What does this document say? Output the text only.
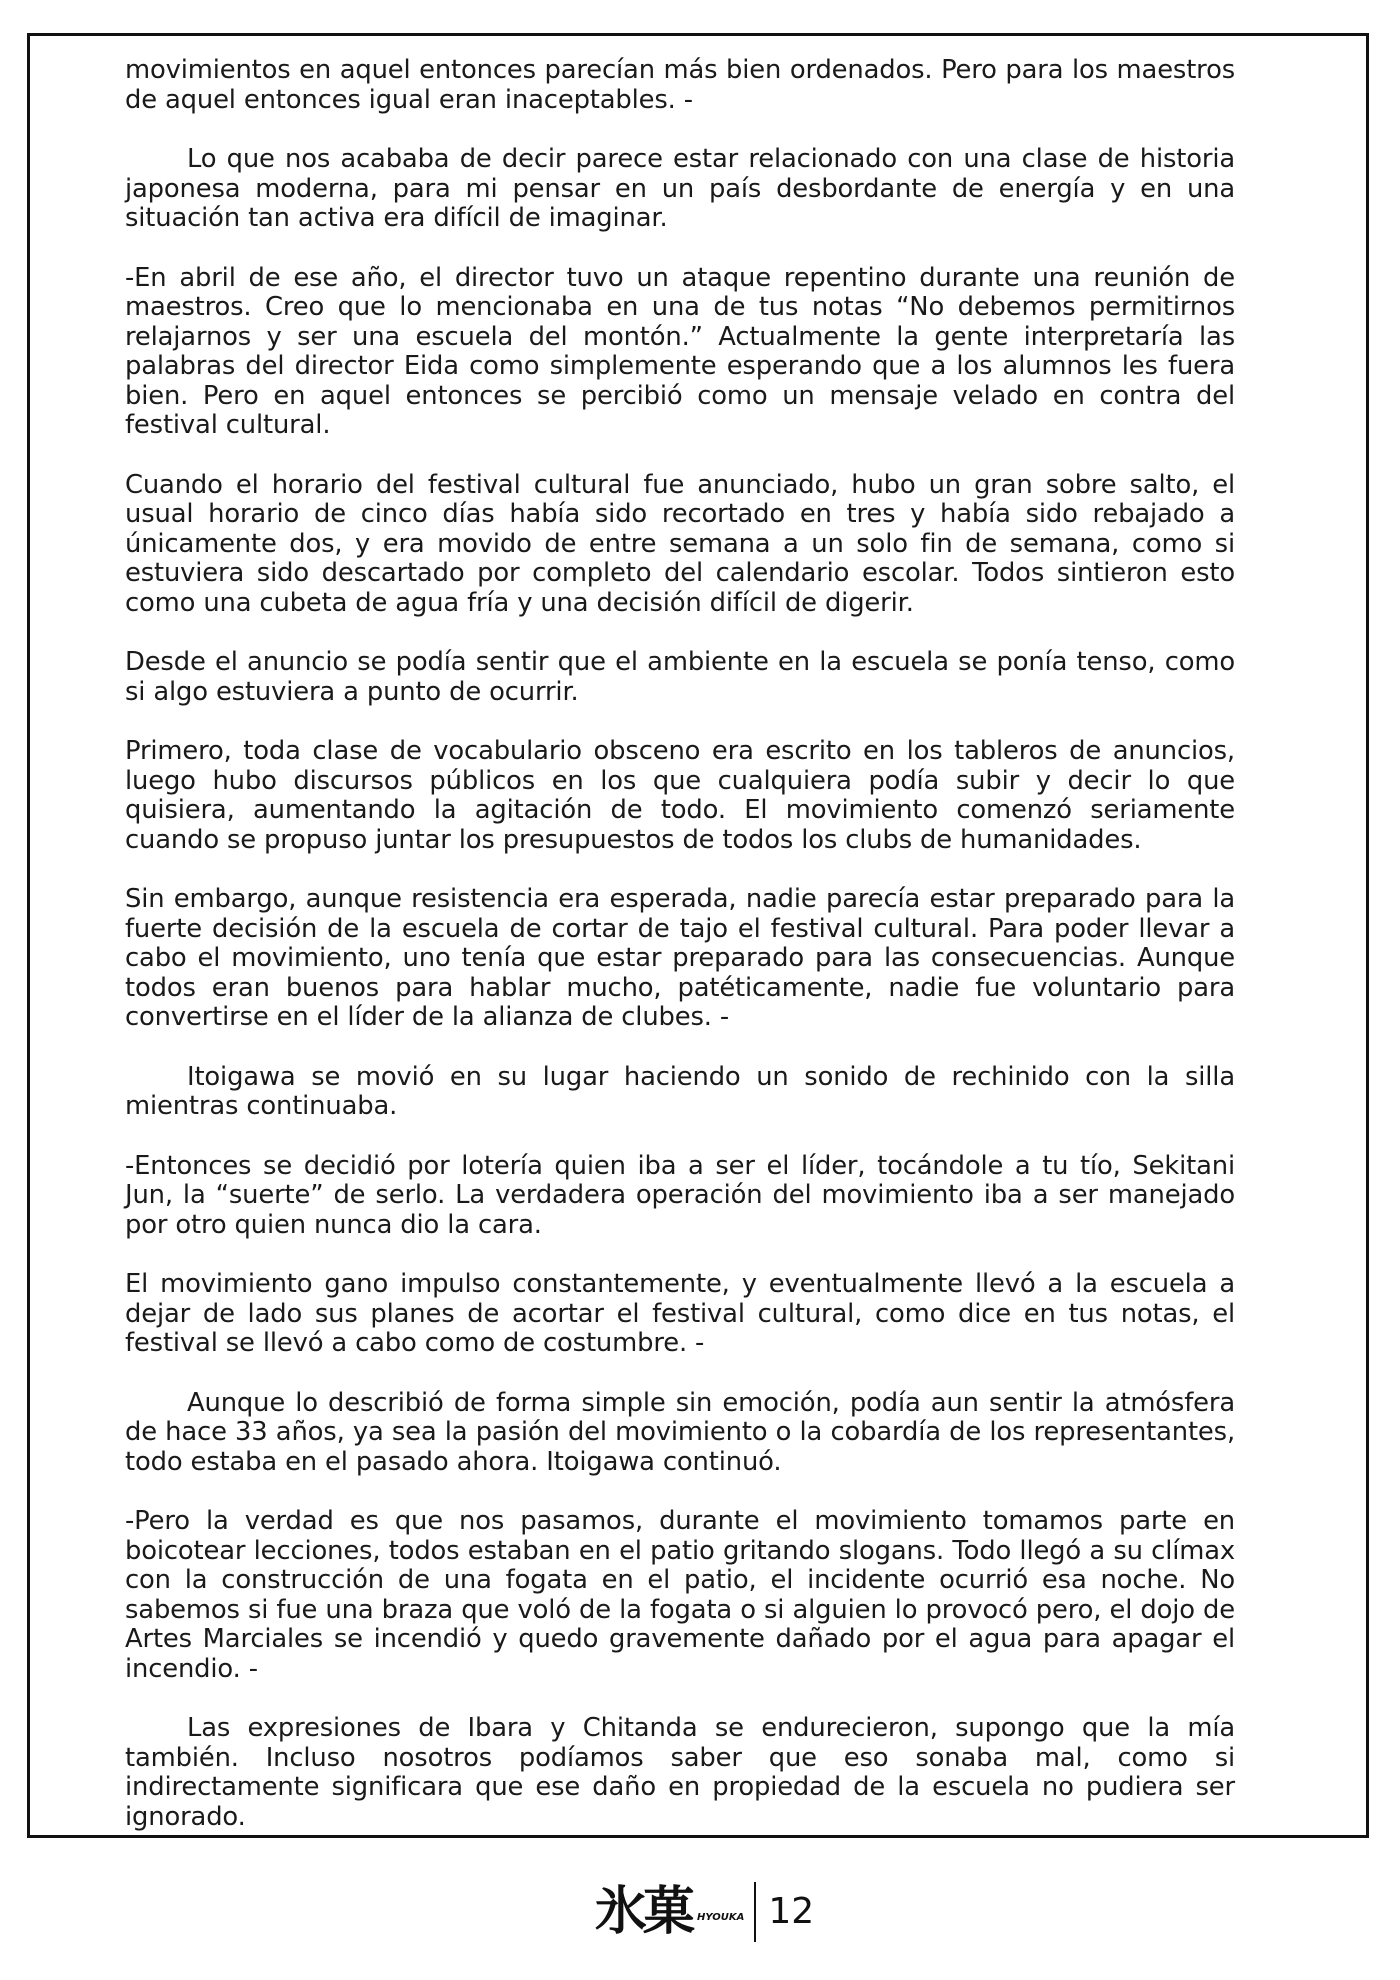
movimientos en aquel entonces parecían más bien ordenados. Pero para los maestros de aquel entonces igual eran inaceptables. -

Lo que nos acababa de decir parece estar relacionado con una clase de historia japonesa moderna, para mi pensar en un país desbordante de energía y en una situación tan activa era difícil de imaginar.

-En abril de ese año, el director tuvo un ataque repentino durante una reunión de maestros. Creo que lo mencionaba en una de tus notas “No debemos permitirnos relajarnos y ser una escuela del montón.” Actualmente la gente interpretaría las palabras del director Eida como simplemente esperando que a los alumnos les fuera bien. Pero en aquel entonces se percibió como un mensaje velado en contra del festival cultural.

Cuando el horario del festival cultural fue anunciado, hubo un gran sobre salto, el usual horario de cinco días había sido recortado en tres y había sido rebajado a únicamente dos, y era movido de entre semana a un solo fin de semana, como si estuviera sido descartado por completo del calendario escolar. Todos sintieron esto como una cubeta de agua fría y una decisión difícil de digerir.

Desde el anuncio se podía sentir que el ambiente en la escuela se ponía tenso, como si algo estuviera a punto de ocurrir.

Primero, toda clase de vocabulario obsceno era escrito en los tableros de anuncios, luego hubo discursos públicos en los que cualquiera podía subir y decir lo que quisiera, aumentando la agitación de todo. El movimiento comenzó seriamente cuando se propuso juntar los presupuestos de todos los clubs de humanidades.

Sin embargo, aunque resistencia era esperada, nadie parecía estar preparado para la fuerte decisión de la escuela de cortar de tajo el festival cultural. Para poder llevar a cabo el movimiento, uno tenía que estar preparado para las consecuencias. Aunque todos eran buenos para hablar mucho, patéticamente, nadie fue voluntario para convertirse en el líder de la alianza de clubes. -

Itoigawa se movió en su lugar haciendo un sonido de rechinido con la silla mientras continuaba.

-Entonces se decidió por lotería quien iba a ser el líder, tocándole a tu tío, Sekitani Jun, la “suerte” de serlo. La verdadera operación del movimiento iba a ser manejado por otro quien nunca dio la cara.

El movimiento gano impulso constantemente, y eventualmente llevó a la escuela a dejar de lado sus planes de acortar el festival cultural, como dice en tus notas, el festival se llevó a cabo como de costumbre. -

Aunque lo describió de forma simple sin emoción, podía aun sentir la atmósfera de hace 33 años, ya sea la pasión del movimiento o la cobardía de los representantes, todo estaba en el pasado ahora. Itoigawa continuó.

-Pero la verdad es que nos pasamos, durante el movimiento tomamos parte en boicotear lecciones, todos estaban en el patio gritando slogans. Todo llegó a su clímax con la construcción de una fogata en el patio, el incidente ocurrió esa noche. No sabemos si fue una braza que voló de la fogata o si alguien lo provocó pero, el dojo de Artes Marciales se incendió y quedo gravemente dañado por el agua para apagar el incendio. -

Las expresiones de Ibara y Chitanda se endurecieron, supongo que la mía también. Incluso nosotros podíamos saber que eso sonaba mal, como si indirectamente significara que ese daño en propiedad de la escuela no pudiera ser ignorado.

氷菓 HYOUKA 12
